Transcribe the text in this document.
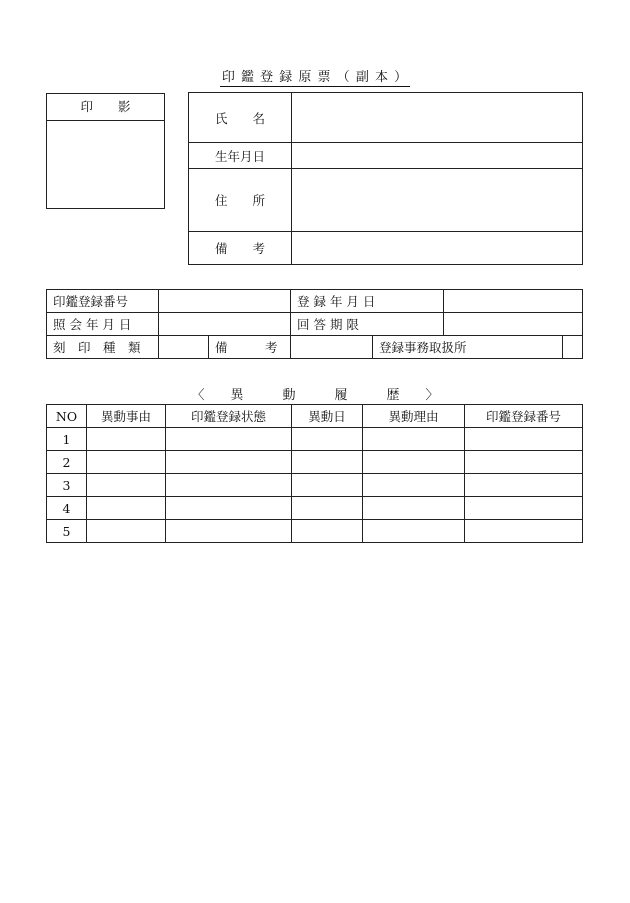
印 鑑 登 録 原 票 （ 副 本 ）
印　　影
氏　　名	
生年月日	
住　　所	
備　　考	
印鑑登録番号			登 録 年 月 日			
照 会 年 月 日			回 答 期 限			
刻　印　種　類		備　　　考		登録事務取扱所		
〈　　異　　　動　　　履　　　歴　　〉
NO	異動事由	印鑑登録状態	異動日	異動理由	印鑑登録番号
1					
2					
3					
4					
5					
